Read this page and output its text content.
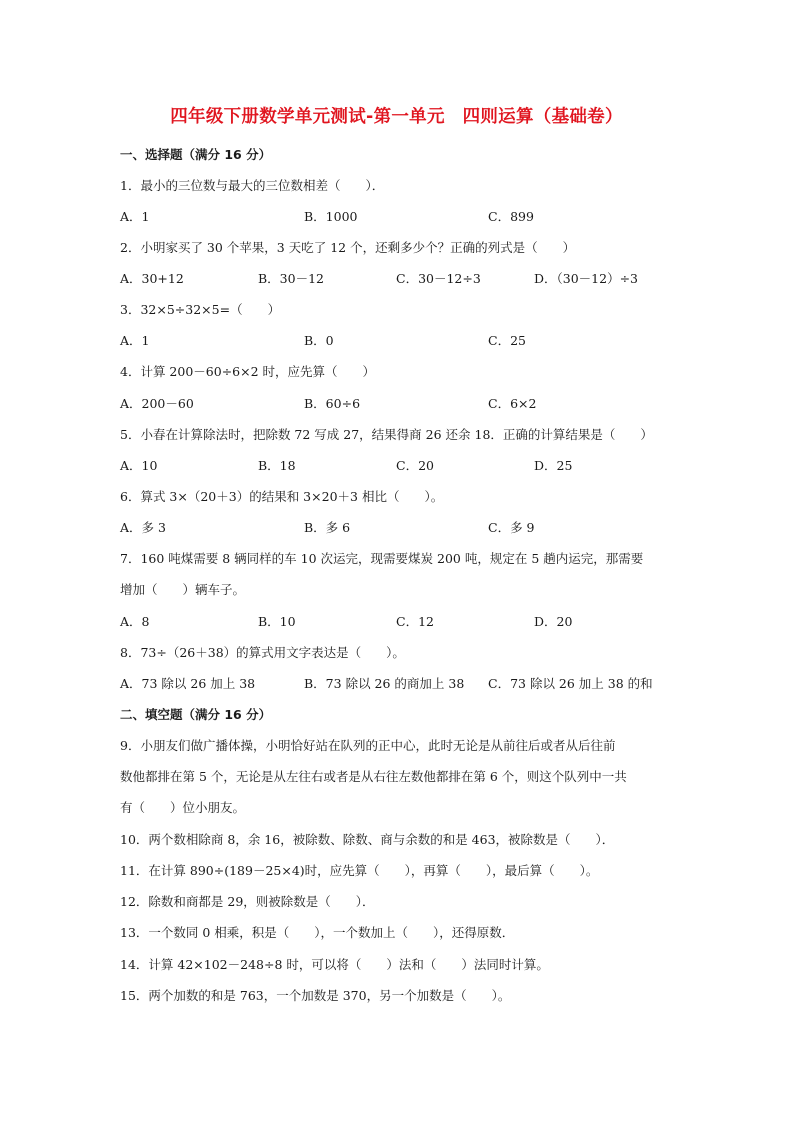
四年级下册数学单元测试-第一单元　四则运算（基础卷）
一、选择题（满分 16 分）
1．最小的三位数与最大的三位数相差（　　）．
A．1	B．1000	C．899
2．小明家买了 30 个苹果，3 天吃了 12 个，还剩多少个？正确的列式是（　　）
A．30+12	B．30－12	C．30－12÷3	D．（30－12）÷3
3．32×5÷32×5=（　　）
A．1	B．0	C．25
4．计算 200－60÷6×2 时，应先算（　　）
A．200－60	B．60÷6	C．6×2
5．小春在计算除法时，把除数 72 写成 27，结果得商 26 还余 18．正确的计算结果是（　　）
A．10	B．18	C．20	D．25
6．算式 3×（20＋3）的结果和 3×20＋3 相比（　　）。
A．多 3	B．多 6	C．多 9
7．160 吨煤需要 8 辆同样的车 10 次运完，现需要煤炭 200 吨，规定在 5 趟内运完，那需要
增加（　　）辆车子。
A．8	B．10	C．12	D．20
8．73÷（26＋38）的算式用文字表达是（　　）。
A．73 除以 26 加上 38	B．73 除以 26 的商加上 38 C．73 除以 26 加上 38 的和
二、填空题（满分 16 分）
9．小朋友们做广播体操，小明恰好站在队列的正中心，此时无论是从前往后或者从后往前
数他都排在第 5 个，无论是从左往右或者是从右往左数他都排在第 6 个，则这个队列中一共
有（　　）位小朋友。
10．两个数相除商 8，余 16，被除数、除数、商与余数的和是 463，被除数是（　　）．
11．在计算 890÷(189－25×4)时，应先算（　　），再算（　　），最后算（　　）。
12．除数和商都是 29，则被除数是（　　）．
13．一个数同 0 相乘，积是（　　），一个数加上（　　），还得原数．
14．计算 42×102－248÷8 时，可以将（　　）法和（　　）法同时计算。
15．两个加数的和是 763，一个加数是 370，另一个加数是（　　）。
